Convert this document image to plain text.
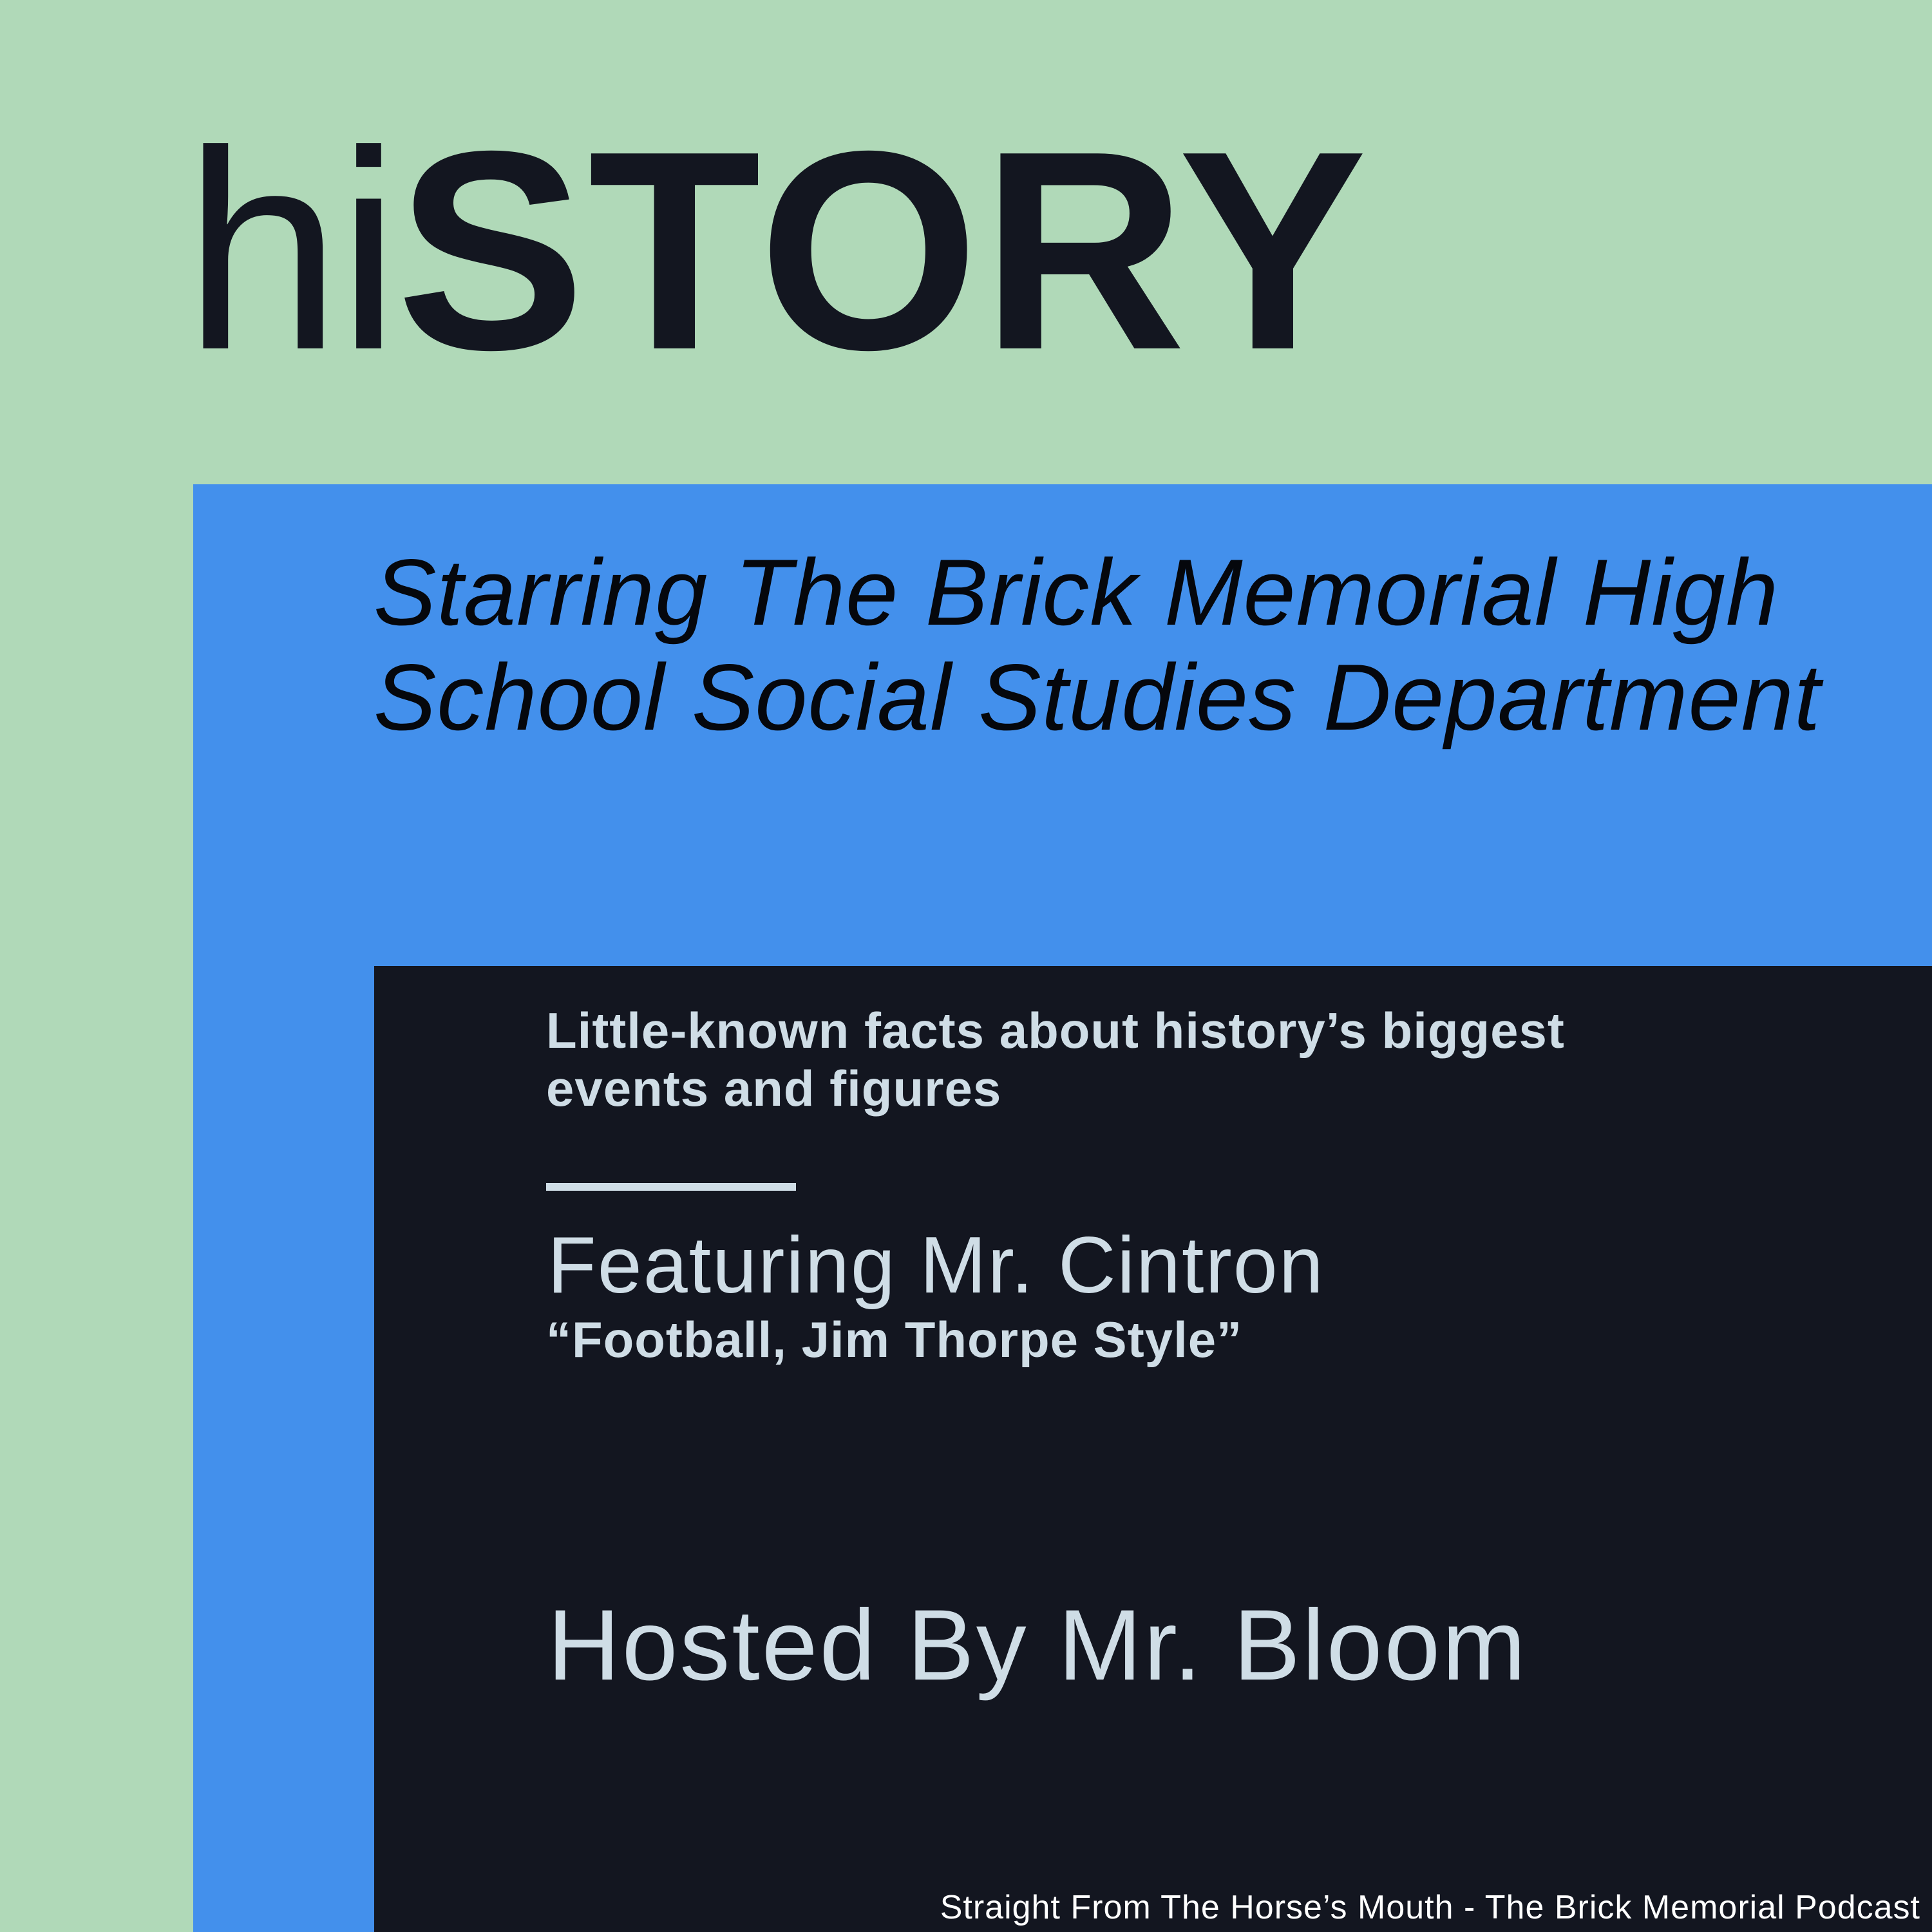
hiSTORY

Starring The Brick Memorial High School Social Studies Department

Little-known facts about history’s biggest events and figures

Featuring Mr. Cintron

“Football, Jim Thorpe Style”

Hosted By Mr. Bloom

Straight From The Horse’s Mouth - The Brick Memorial Podcast
